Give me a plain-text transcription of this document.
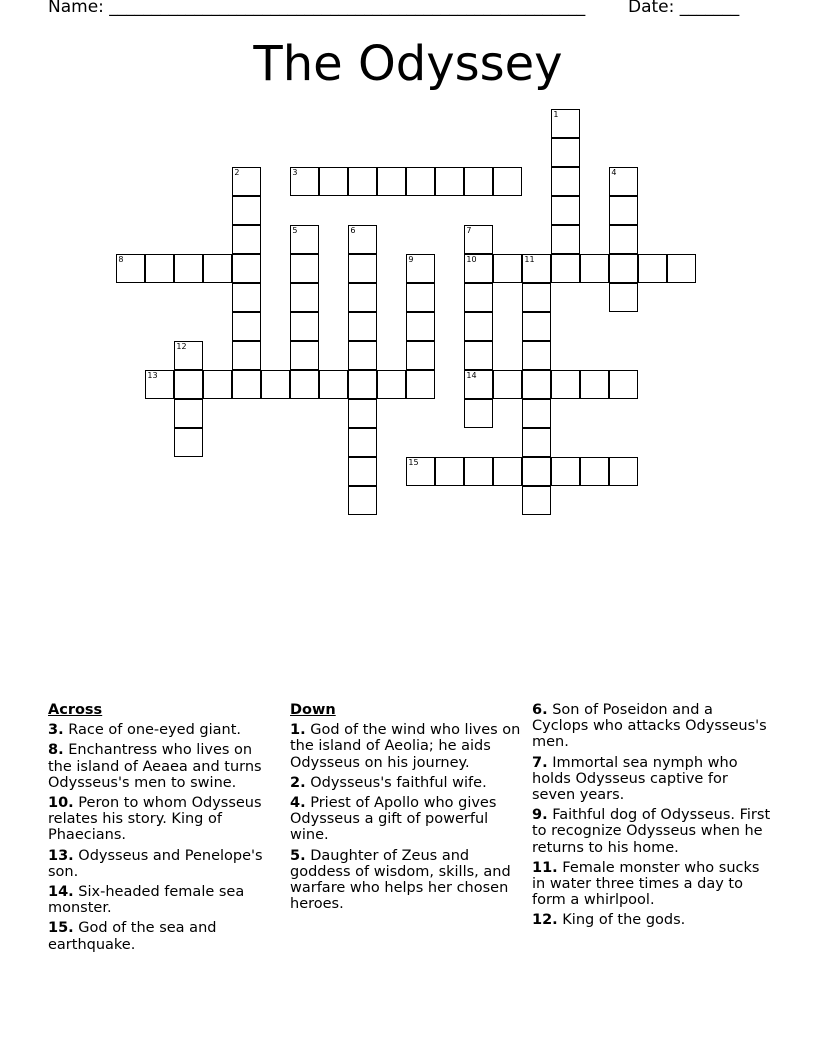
Name: ________________________________________________________	Date: _______
The Odyssey
1
2	3	4
5	6	7
8	9	10	11
12
13	14
15
Across
3. Race of one-eyed giant.
8. Enchantress who lives on the island of Aeaea and turns Odysseus's men to swine.
10. Peron to whom Odysseus relates his story. King of Phaecians.
13. Odysseus and Penelope's son.
14. Six-headed female sea monster.
15. God of the sea and earthquake.
Down
1. God of the wind who lives on the island of Aeolia; he aids Odysseus on his journey.
2. Odysseus's faithful wife.
4. Priest of Apollo who gives Odysseus a gift of powerful wine.
5. Daughter of Zeus and goddess of wisdom, skills, and warfare who helps her chosen heroes.
6. Son of Poseidon and a Cyclops who attacks Odysseus's men.
7. Immortal sea nymph who holds Odysseus captive for seven years.
9. Faithful dog of Odysseus. First to recognize Odysseus when he returns to his home.
11. Female monster who sucks in water three times a day to form a whirlpool.
12. King of the gods.
